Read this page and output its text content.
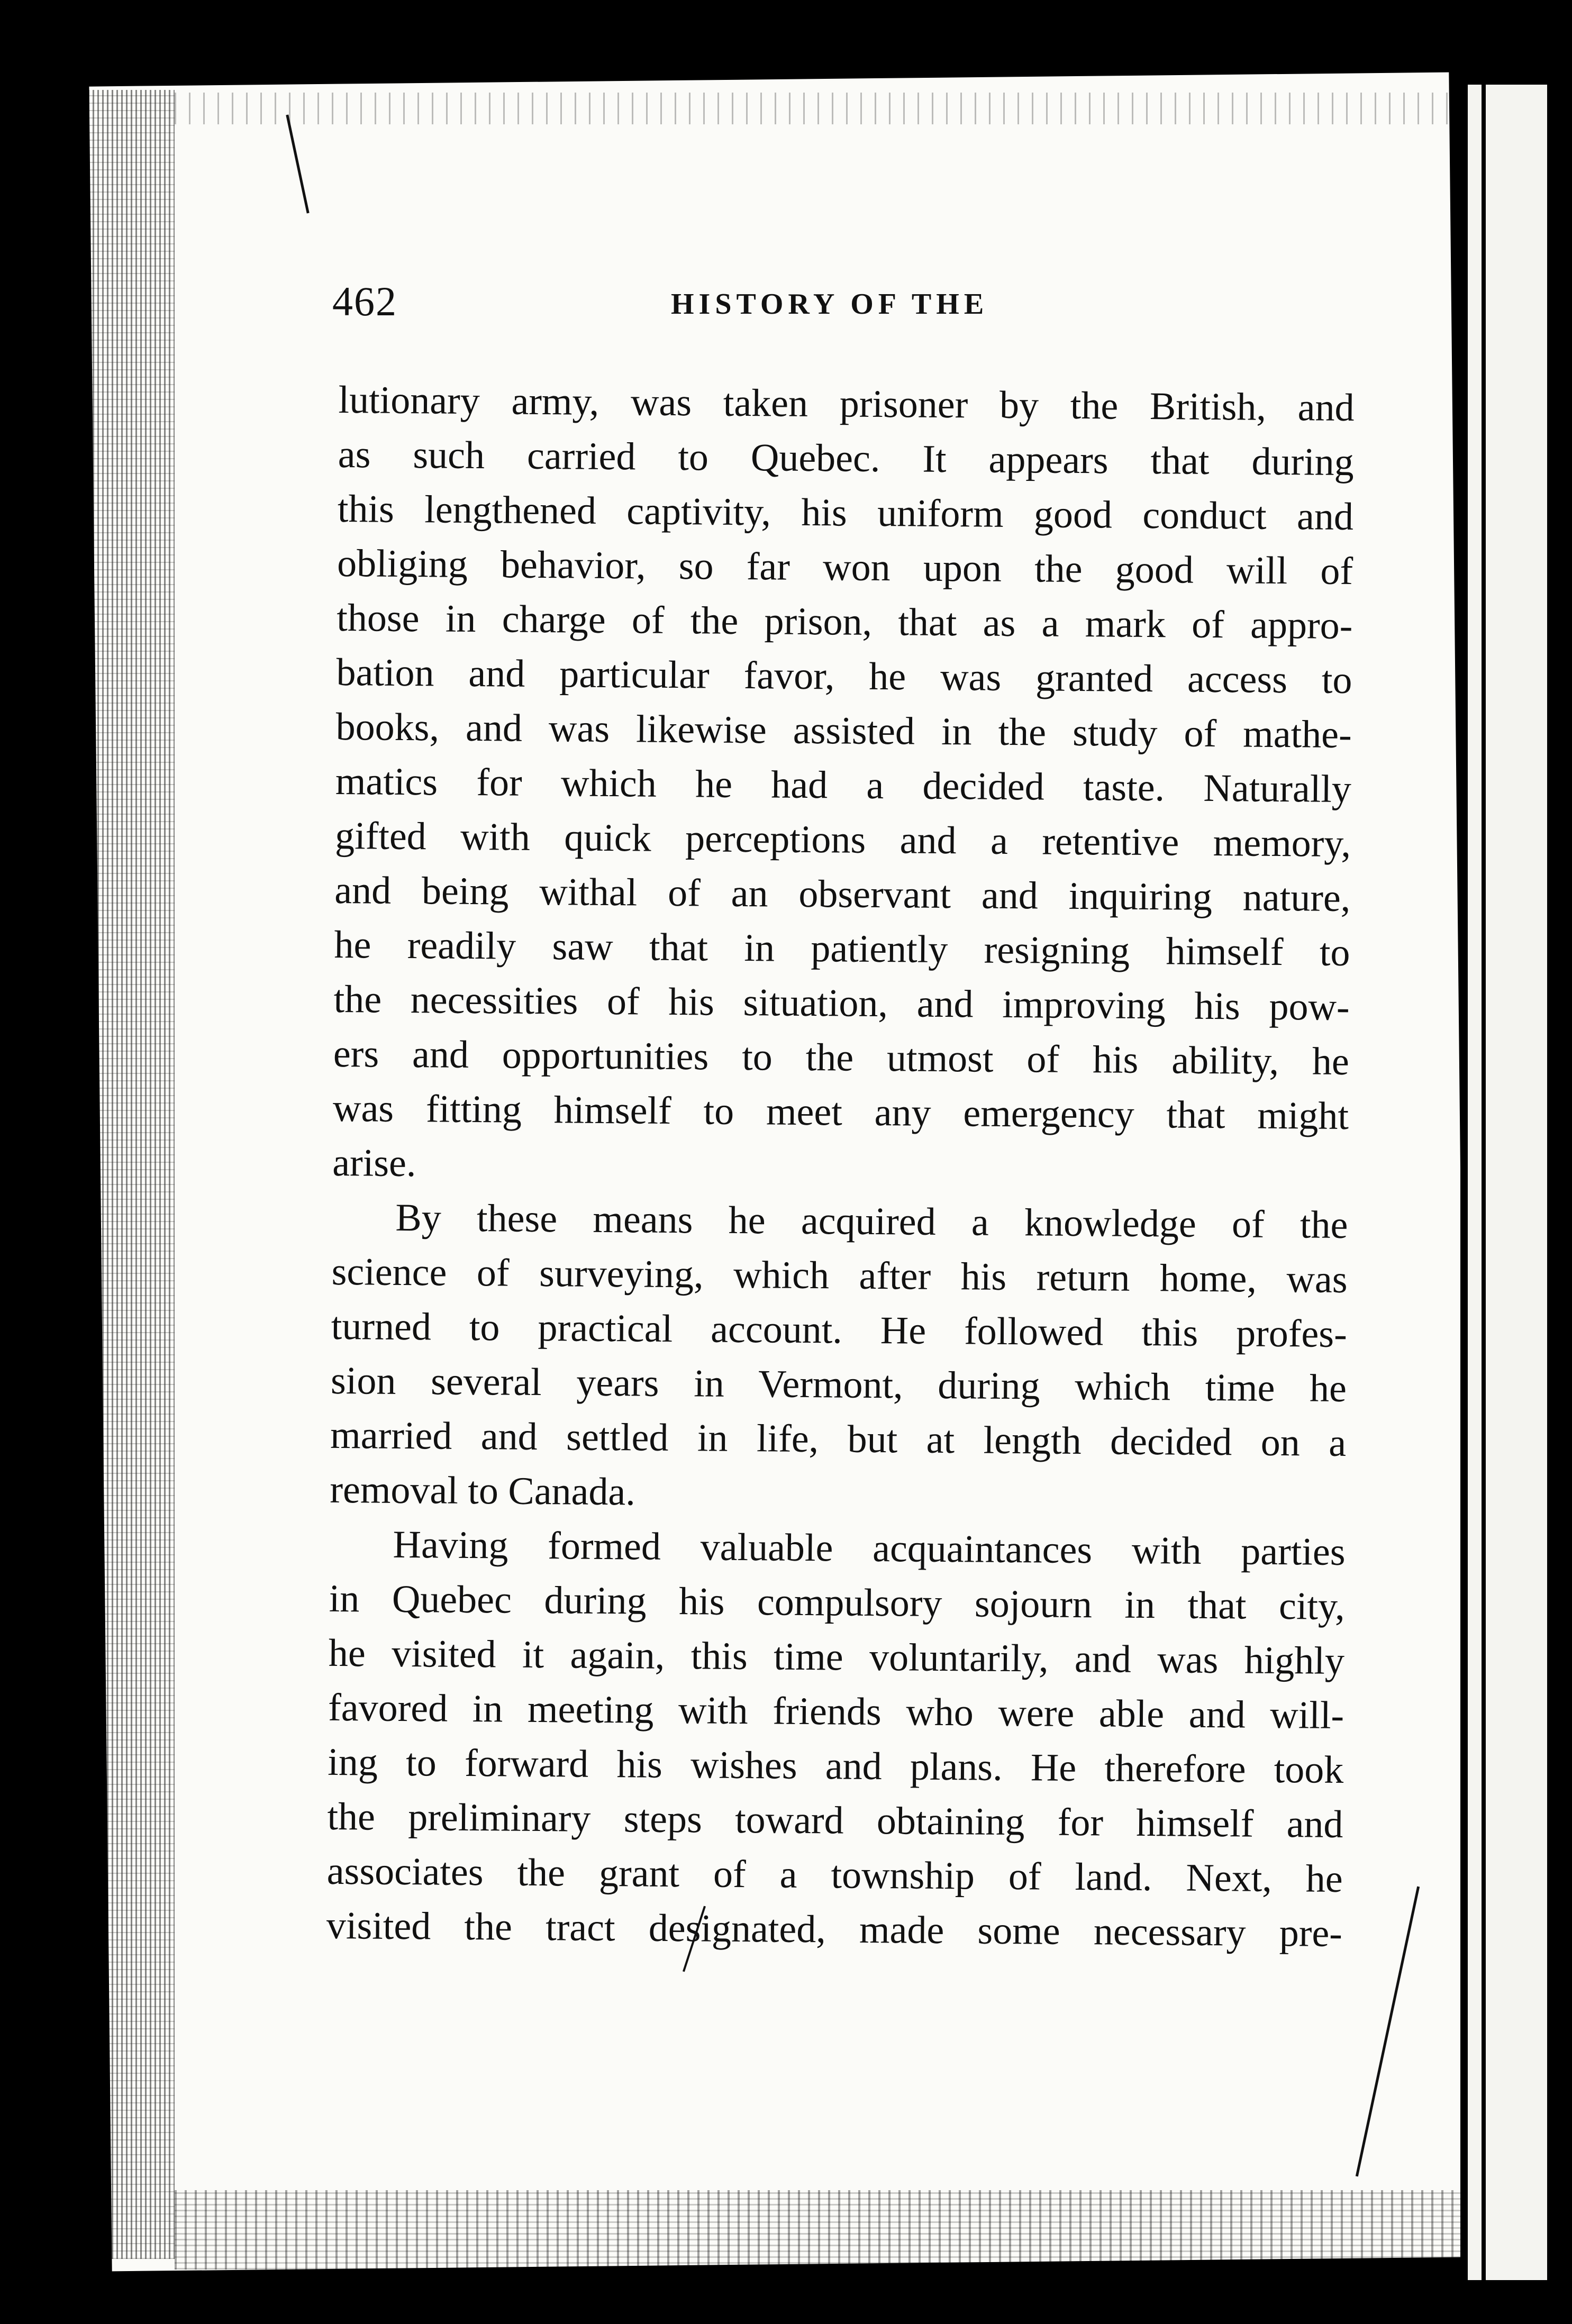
462	HISTORY OF THE
lutionary army, was taken prisoner by the British, and
as such carried to Quebec. It appears that during
this lengthened captivity, his uniform good conduct and
obliging behavior, so far won upon the good will of
those in charge of the prison, that as a mark of appro-
bation and particular favor, he was granted access to
books, and was likewise assisted in the study of mathe-
matics for which he had a decided taste. Naturally
gifted with quick perceptions and a retentive memory,
and being withal of an observant and inquiring nature,
he readily saw that in patiently resigning himself to
the necessities of his situation, and improving his pow-
ers and opportunities to the utmost of his ability, he
was fitting himself to meet any emergency that might
arise.
By these means he acquired a knowledge of the
science of surveying, which after his return home, was
turned to practical account. He followed this profes-
sion several years in Vermont, during which time he
married and settled in life, but at length decided on a
removal to Canada.
Having formed valuable acquaintances with parties
in Quebec during his compulsory sojourn in that city,
he visited it again, this time voluntarily, and was highly
favored in meeting with friends who were able and will-
ing to forward his wishes and plans. He therefore took
the preliminary steps toward obtaining for himself and
associates the grant of a township of land. Next, he
visited the tract designated, made some necessary pre-
